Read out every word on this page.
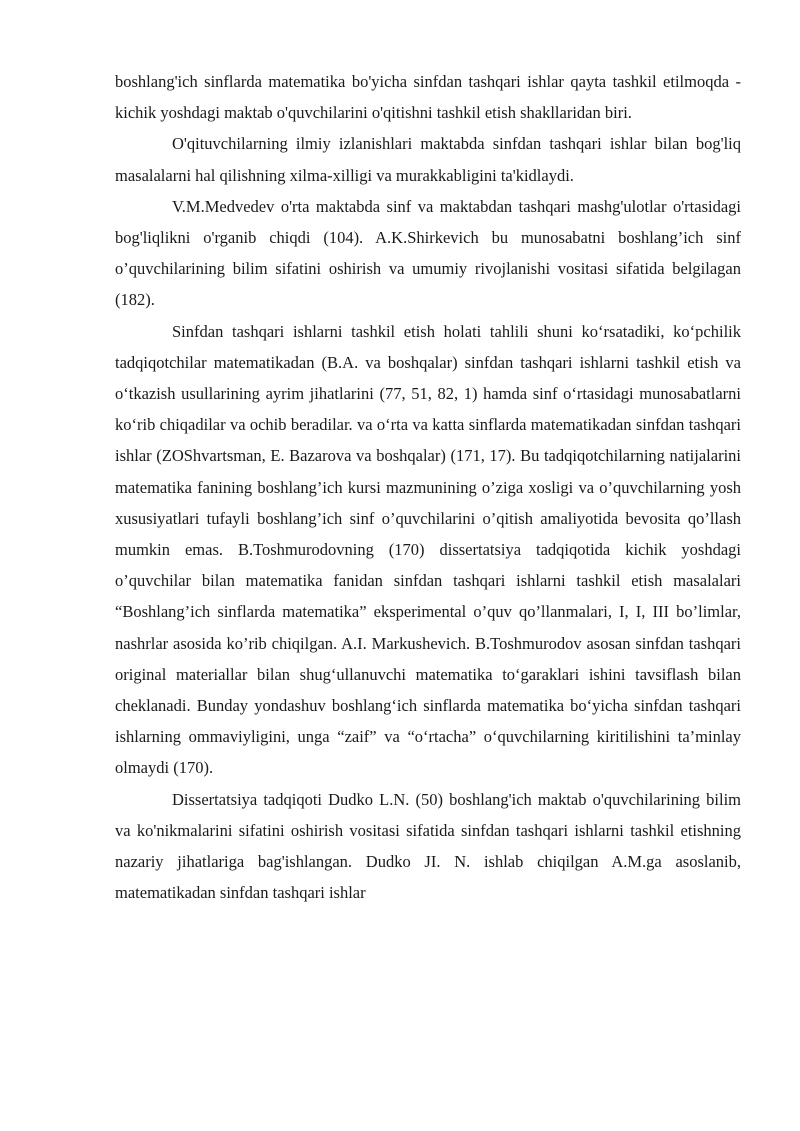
boshlang'ich sinflarda matematika bo'yicha sinfdan tashqari ishlar qayta tashkil etilmoqda - kichik yoshdagi maktab o'quvchilarini o'qitishni tashkil etish shakllaridan biri.

O'qituvchilarning ilmiy izlanishlari maktabda sinfdan tashqari ishlar bilan bog'liq masalalarni hal qilishning xilma-xilligi va murakkabligini ta'kidlaydi.

V.M.Medvedev o'rta maktabda sinf va maktabdan tashqari mashg'ulotlar o'rtasidagi bog'liqlikni o'rganib chiqdi (104). A.K.Shirkevich bu munosabatni boshlang’ich sinf o’quvchilarining bilim sifatini oshirish va umumiy rivojlanishi vositasi sifatida belgilagan (182).

Sinfdan tashqari ishlarni tashkil etish holati tahlili shuni ko‘rsatadiki, ko‘pchilik tadqiqotchilar matematikadan (B.A. va boshqalar) sinfdan tashqari ishlarni tashkil etish va o‘tkazish usullarining ayrim jihatlarini (77, 51, 82, 1) hamda sinf o‘rtasidagi munosabatlarni ko‘rib chiqadilar va ochib beradilar. va o‘rta va katta sinflarda matematikadan sinfdan tashqari ishlar (ZOShvartsman, E. Bazarova va boshqalar) (171, 17). Bu tadqiqotchilarning natijalarini matematika fanining boshlang’ich kursi mazmunining o’ziga xosligi va o’quvchilarning yosh xususiyatlari tufayli boshlang’ich sinf o’quvchilarini o’qitish amaliyotida bevosita qo’llash mumkin emas. B.Toshmurodovning (170) dissertatsiya tadqiqotida kichik yoshdagi o’quvchilar bilan matematika fanidan sinfdan tashqari ishlarni tashkil etish masalalari “Boshlang’ich sinflarda matematika” eksperimental o’quv qo’llanmalari, I, I, III bo’limlar, nashrlar asosida ko’rib chiqilgan. A.I. Markushevich. B.Toshmurodov asosan sinfdan tashqari original materiallar bilan shug‘ullanuvchi matematika to‘garaklari ishini tavsiflash bilan cheklanadi. Bunday yondashuv boshlang‘ich sinflarda matematika bo‘yicha sinfdan tashqari ishlarning ommaviyligini, unga “zaif” va “o‘rtacha” o‘quvchilarning kiritilishini ta’minlay olmaydi (170).

Dissertatsiya tadqiqoti Dudko L.N. (50) boshlang'ich maktab o'quvchilarining bilim va ko'nikmalarini sifatini oshirish vositasi sifatida sinfdan tashqari ishlarni tashkil etishning nazariy jihatlariga bag'ishlangan. Dudko JI. N. ishlab chiqilgan A.M.ga asoslanib, matematikadan sinfdan tashqari ishlar
